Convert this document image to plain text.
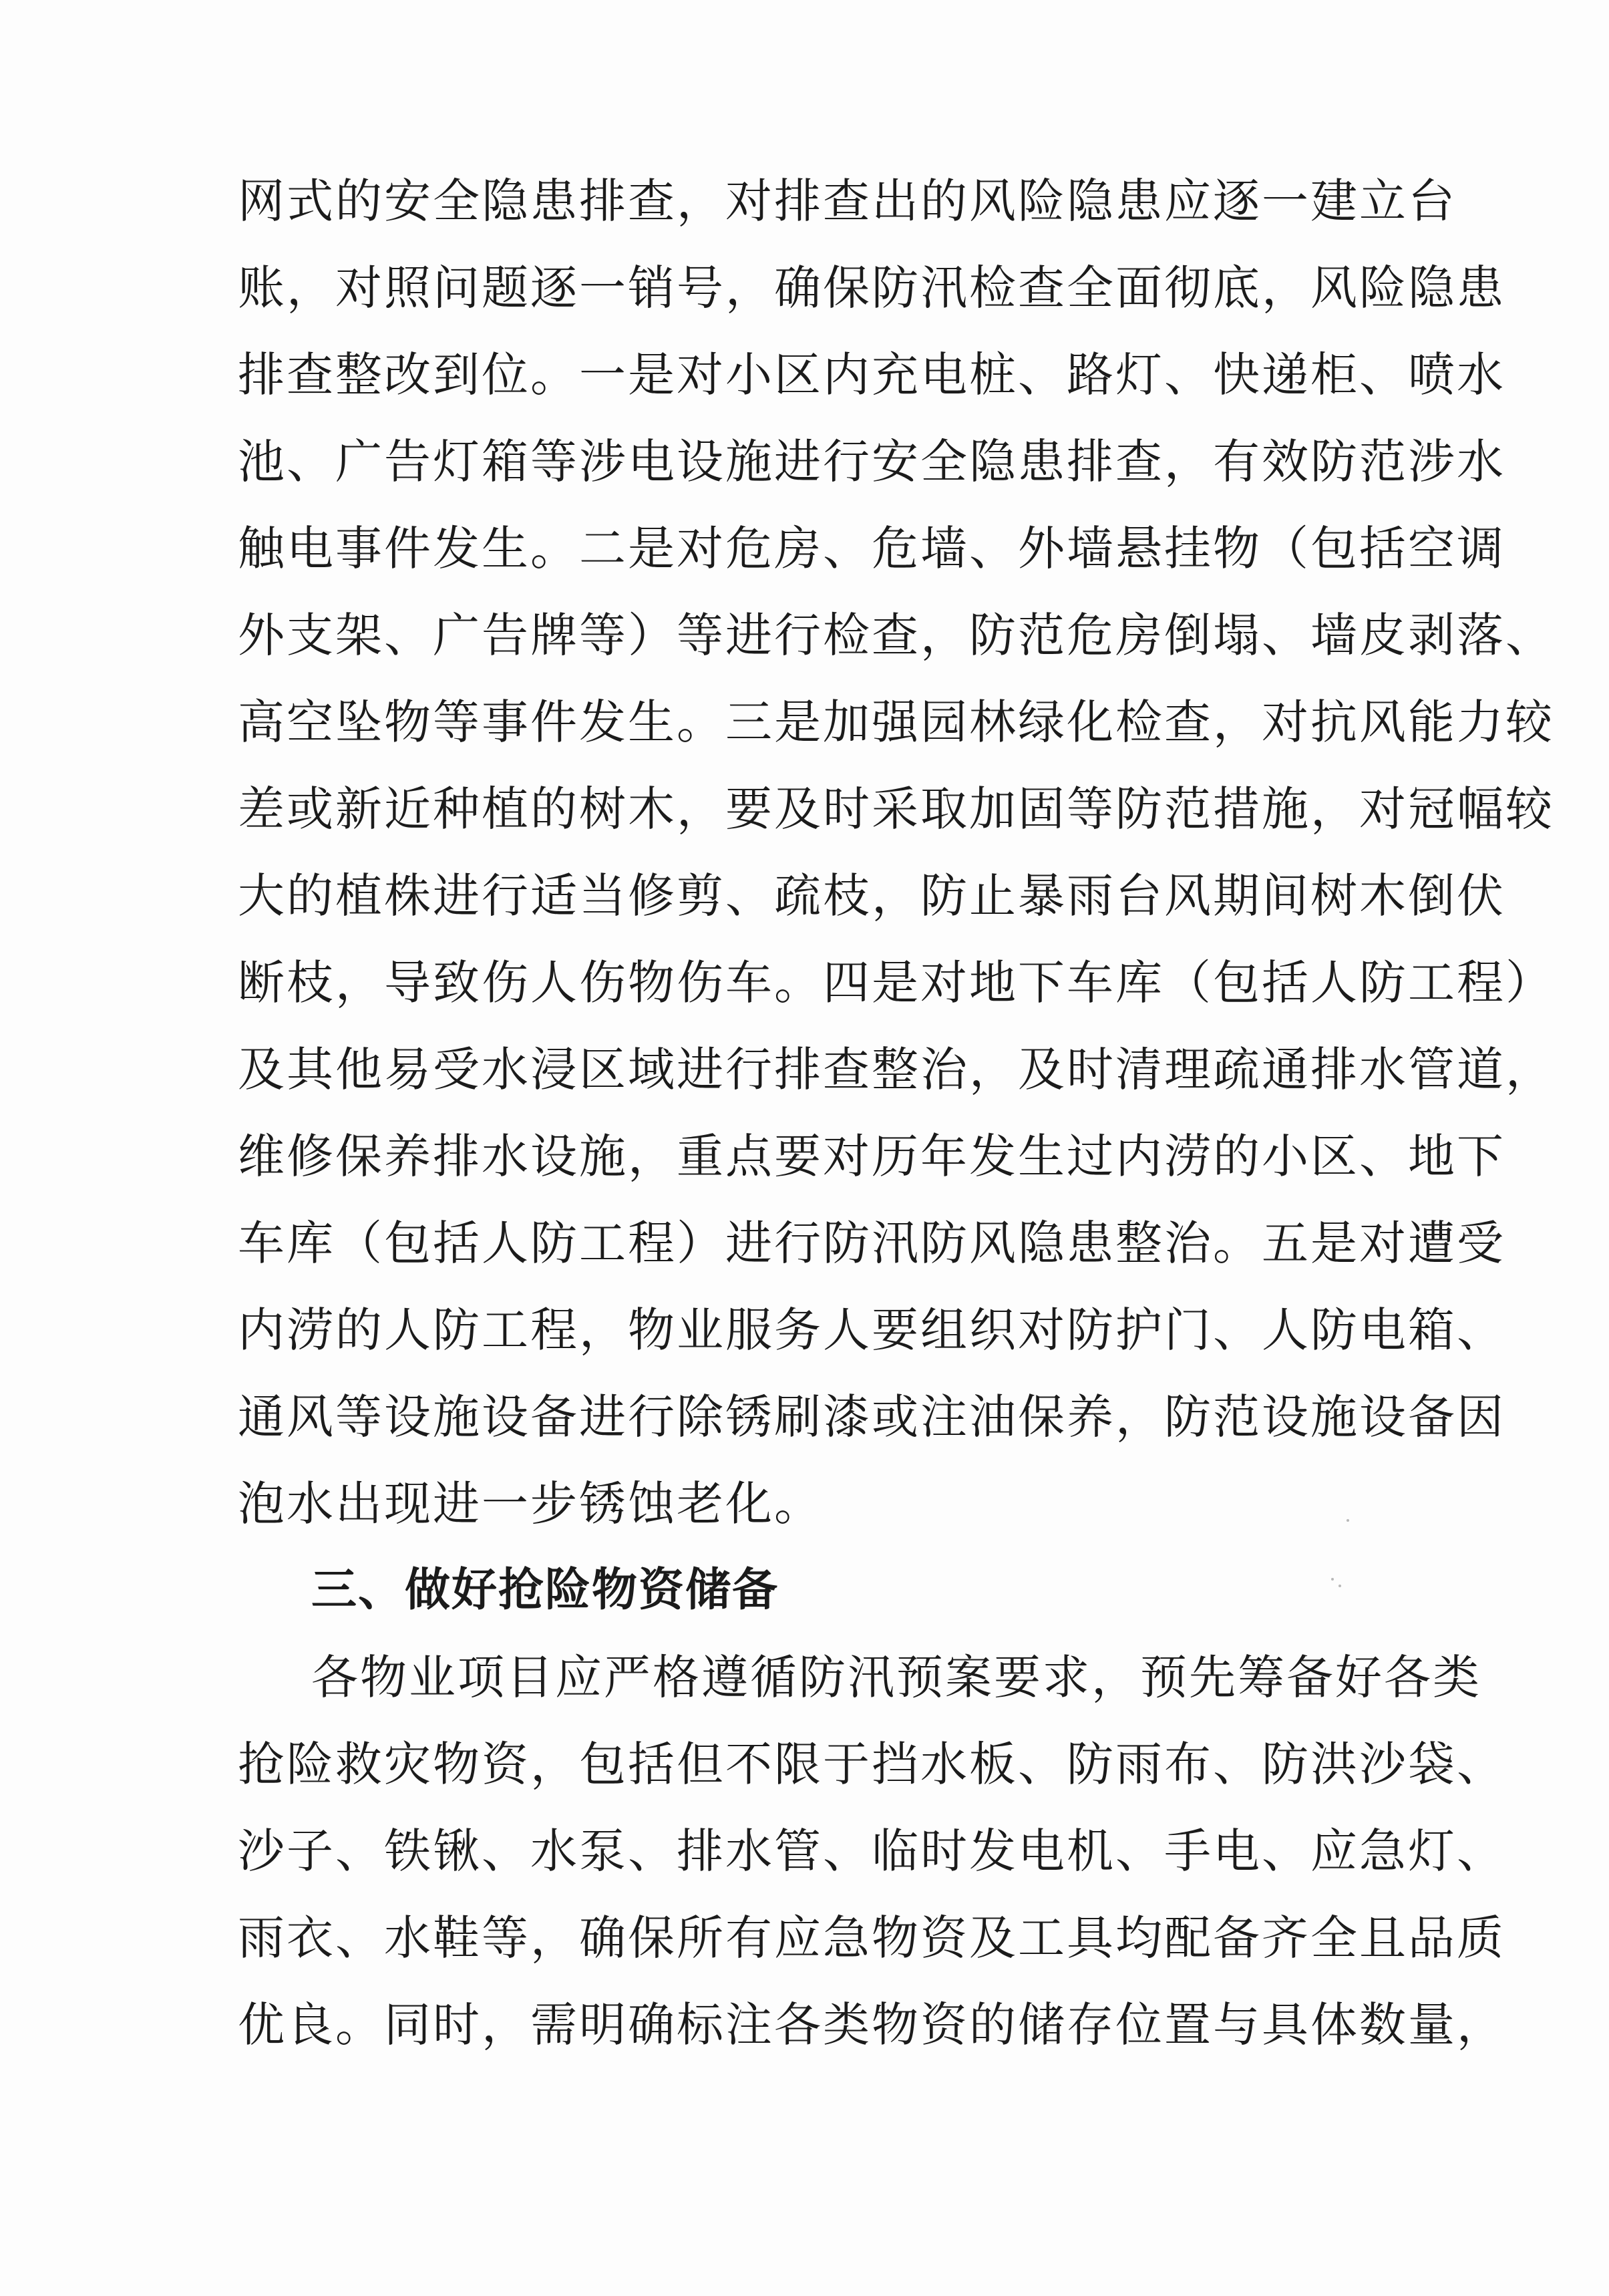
网式的安全隐患排查，对排查出的风险隐患应逐一建立台
账，对照问题逐一销号，确保防汛检查全面彻底，风险隐患
排查整改到位。一是对小区内充电桩、路灯、快递柜、喷水
池、广告灯箱等涉电设施进行安全隐患排查，有效防范涉水
触电事件发生。二是对危房、危墙、外墙悬挂物（包括空调
外支架、广告牌等）等进行检查，防范危房倒塌、墙皮剥落、
高空坠物等事件发生。三是加强园林绿化检查，对抗风能力较
差或新近种植的树木，要及时采取加固等防范措施，对冠幅较
大的植株进行适当修剪、疏枝，防止暴雨台风期间树木倒伏
断枝，导致伤人伤物伤车。四是对地下车库（包括人防工程）
及其他易受水浸区域进行排查整治，及时清理疏通排水管道，
维修保养排水设施，重点要对历年发生过内涝的小区、地下
车库（包括人防工程）进行防汛防风隐患整治。五是对遭受
内涝的人防工程，物业服务人要组织对防护门、人防电箱、
通风等设施设备进行除锈刷漆或注油保养，防范设施设备因
泡水出现进一步锈蚀老化。
三、做好抢险物资储备
各物业项目应严格遵循防汛预案要求，预先筹备好各类
抢险救灾物资，包括但不限于挡水板、防雨布、防洪沙袋、
沙子、铁锹、水泵、排水管、临时发电机、手电、应急灯、
雨衣、水鞋等，确保所有应急物资及工具均配备齐全且品质
优良。同时，需明确标注各类物资的储存位置与具体数量，
